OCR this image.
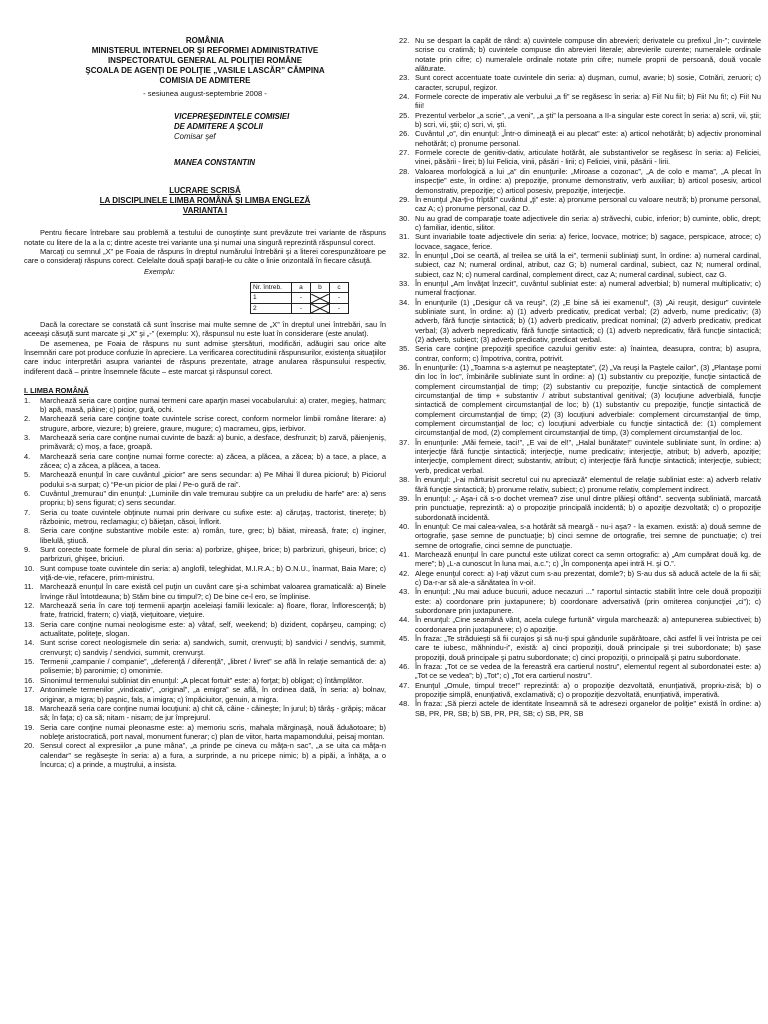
ROMÂNIA
MINISTERUL INTERNELOR ŞI REFORMEI ADMINISTRATIVE
INSPECTORATUL GENERAL AL POLIŢIEI ROMÂNE
ŞCOALA DE AGENŢI DE POLIŢIE „VASILE LASCĂR” CÂMPINA
COMISIA DE ADMITERE
- sesiunea august-septembrie 2008 -
VICEPREŞEDINTELE COMISIEI
DE ADMITERE A ŞCOLII
Comisar şef
MANEA CONSTANTIN
LUCRARE SCRISĂ
LA DISCIPLINELE LIMBA ROMÂNĂ ŞI LIMBA ENGLEZĂ
VARIANTA I

Pentru fiecare întrebare sau problemă a testului de cunoştinţe sunt prevăzute trei variante de răspuns notate cu litere de la a la c; dintre aceste trei variante una şi numai una singură reprezintă răspunsul corect.

Marcaţi cu semnul „X” pe Foaia de răspuns în dreptul numărului întrebării şi a literei corespunzătoare pe care o consideraţi răspuns corect. Celelalte două spaţii barați-le cu câte o linie orizontală în fiecare căsuţă.

Exemplu:
Nr. întreb.	a	b	c
1	-		-
2	-		-

Dacă la corectare se constată că sunt înscrise mai multe semne de „X” în dreptul unei întrebări, sau în aceeaşi căsuţă sunt marcate şi „X” şi „-” (exemplu: X), răspunsul nu este luat în considerare (este anulat).

De asemenea, pe Foaia de răspuns nu sunt admise ştersături, modificări, adăugiri sau orice alte însemnări care pot produce confuzie în apreciere. La verificarea corectitudinii răspunsurilor, existenţa situaţiilor care induc interpretări asupra variantei de răspuns prezentate, atrage anularea răspunsului respectiv, indiferent dacă – printre însemnele făcute – este marcat şi răspunsul corect.

I. LIMBA ROMÂNĂ
1.	Marchează seria care conţine numai termeni care aparţin masei vocabularului: a) crater, megieş, hatman; b) apă, masă, pâine; c) picior, gură, ochi.
2.	Marchează seria care conţine toate cuvintele scrise corect, conform normelor limbii române literare: a) strugure, arbore, viezure; b) greiere, graure, mugure; c) macramеu, gips, ierbivor.
3.	Marchează seria care conţine numai cuvinte de bază: a) bunic, a desface, desfrunzit; b) zarvă, păienjeniş, primăvară; c) moş, a face, groapă.
4.	Marchează seria care conţine numai forme corecte: a) zăcea, a plăcea, a zăcea; b) a tace, a place, a zăcea; c) a zăcea, a plăcea, a tacea.
5.	Marchează enunţul în care cuvântul „picior” are sens secundar: a) Pe Mihai îl durea piciorul; b) Piciorul podului s-a surpat; c) “Pe-un picior de plai / Pe-o gură de rai”.
6.	Cuvântul „tremurau” din enunţul: „Luminile din vale tremurau subţire ca un preludiu de harfe” are: a) sens propriu; b) sens figurat; c) sens secundar.
7.	Seria cu toate cuvintele obţinute numai prin derivare cu sufixe este: a) căruţaş, tractorist, tinereţe; b) războinic, metrou, reclamagiu; c) băieţan, căsoi, înflorit.
8.	Seria care conţine substantive mobile este: a) român, ture, grec; b) băiat, mireasă, frate; c) inginer, libelulă, ştiucă.
9.	Sunt corecte toate formele de plural din seria: a) porbrize, ghişee, brice; b) parbrizuri, ghişeuri, brice; c) parbrizuri, ghişee, briciuri.
10. Sunt compuse toate cuvintele din seria: a) anglofil, teleghidat, M.I.R.A.; b) O.N.U., înarmat, Baia Mare; c) viţă-de-vie, refacere, prim-ministru.
11. Marchează enunţul în care există cel puţin un cuvânt care şi-a schimbat valoarea gramaticală: a) Binele învinge răul întotdeauna; b) Stăm bine cu timpul?; c) De bine ce-l ero, se împlinise.
12. Marchează seria în care toţi termenii aparţin aceleiaşi familii lexicale: a) floare, florar, înflorescenţă; b) frate, fratricid, fratern; c) viaţă, vieţuitoare, vieţuire.
13. Seria care conţine numai neologisme este: a) vâtaf, self, weekend; b) dizident, copârşeu, camping; c) actualitate, politeţe, slogan.
14. Sunt scrise corect neologismele din seria: a) sandwich, sumit, crenvuşti; b) sandvici / sendviş, summit, crenvurşt; c) sandviş / sendvici, summit, crenvurşt.
15. Termenii „campanie / companie”, „deferenţă / diferenţă”, „libret / livret” se află în relaţie semantică de: a) polisemie; b) paronimie; c) omonimie.
16. Sinonimul termenului subliniat din enunţul: „A plecat fortuit” este: a) forţat; b) obligat; c) întâmplător.
17. Antonimele termenilor „vindicativ”, „original”, „a emigra” se află, în ordinea dată, în seria: a) bolnav, originar, a migra; b) paşnic, fals, a imigra; c) împăciuitor, genuin, a migra.
18. Marchează seria care conţine numai locuţiuni: a) chit că, câine - câineşte; în jurul; b) târâş - grăpiş; măcar să; în faţa; c) ca să; nitam - nisam; de jur împrejurul.
19. Seria care conţine numai pleonasme este: a) memoriu scris, mahala mărginaşă, nouă ăduăotoare; b) nobleţe aristocratică, port naval, monument funerar; c) plan de viitor, harta mapamondului, peisaj montan.
20. Sensul corect al expresiilor „a pune mâna”, „a prinde pe cineva cu mâţa-n sac”, „a se uita ca mâţa-n calendar” se regăseşte în seria: a) a fura, a surprinde, a nu pricepe nimic; b) a pipăi, a înhăţa, a o încurca; c) a prinde, a muştrului, a insista.
22. Nu se despart la capăt de rând: a) cuvintele compuse din abrevieri; derivatele cu prefixul „în-”; cuvintele scrise cu cratimă; b) cuvintele compuse din abrevieri literale; abrevierile curente; numeralele ordinale notate prin cifre; c) numeralele ordinale notate prin cifre; numele proprii de persoană, două vocale alăturate.
23. Sunt corect accentuate toate cuvintele din seria: a) duşman, cumul, avarie; b) sosie, Cotnări, zeruori; c) caracter, scrupul, regizor.
24. Formele corecte de imperativ ale verbului „a fi” se regăsesc în seria: a) Fii! Nu fii!; b) Fii! Nu fi!; c) Fii! Nu fiii!
25. Prezentul verbelor „a scrie”, „a veni”, „a şti” la persoana a II-a singular este corect în seria: a) scrii, vii, ştii; b) scri, vii, ştii; c) scri, vi, şti.
26. Cuvântul „o”, din enunţul: „Într-o dimineaţă ei au plecat” este: a) articol nehotărât; b) adjectiv pronominal nehotărât; c) pronume personal.
27. Formele corecte de genitiv-dativ, articulate hotărât, ale substantivelor se regăsesc în seria: a) Feliciei, vinei, păsării - lirei; b) lui Felicia, vinii, păsări - lirii; c) Feliciei, vinii, păsării - lirii.
28. Valoarea morfologică a lui „a” din enunţurile: „Miroase a cozonac”, „A de colo e mama”, „A plecat în inspecţie” este, în ordine: a) prepoziţie, pronume demonstrativ, verb auxiliar; b) articol posesiv, articol demonstrativ, prepoziţie; c) articol posesiv, prepoziţie, interjecţie.
29. În enunţul „Na-ţi-o frîptă!” cuvântul „ţi” este: a) pronume personal cu valoare neutră; b) pronume personal, caz A; c) pronume personal, caz D.
30. Nu au grad de comparaţie toate adjectivele din seria: a) străvechi, cubic, inferior; b) cuminte, oblic, drept; c) familiar, identic, silitor.
31. Sunt invariabile toate adjectivele din seria: a) ferice, locvace, motrice; b) sagace, perspicace, atroce; c) locvace, sagace, ferice.
32. În enunţul „Doi se ceartă, al treilea se uită la ei”, termenii subliniaţi sunt, în ordine: a) numeral cardinal, subiect, caz N; numeral ordinal, atribut, caz G; b) numeral cardinal, subiect, caz N; numeral ordinal, subiect, caz N; c) numeral cardinal, complement direct, caz A; numeral cardinal, subiect, caz G.
33. În enunţul „Am învăţat înzecit”, cuvântul subliniat este: a) numeral adverbial; b) numeral multiplicativ; c) numeral fracţionar.
34. În enunţurile (1) „Desigur că va reuşi”, (2) „E bine să iei examenul”, (3) „Ai reuşit, desigur” cuvintele subliniate sunt, în ordine: a) (1) adverb predicativ, predicat verbal; (2) adverb, nume predicativ; (3) adverb, fără funcţie sintactică; b) (1) adverb predicativ, predicat nominal; (2) adverb predicativ, predicat verbal; (3) adverb nepredicativ, fără funcţie sintactică; c) (1) adverb nepredicativ, fără funcţie sintactică; (2) adverb, subiect; (3) adverb predicativ, predicat verbal.
35. Seria care conţine prepoziţii specifice cazului genitiv este: a) înaintea, deasupra, contra; b) asupra, contrar, conform; c) împotriva, contra, potrivit.
36. În enunţurile: (1) „Toamna s-a aşternut pe neaşteptate”, (2) „Va reuşi la Paştele cailor”, (3) „Plantaşe pomi din loc în loc”, îmbinările subliniate sunt în ordine: a) (1) substantiv cu prepoziţie, funcţie sintactică de complement circumstanţial de timp; (2) substantiv cu prepoziţie, funcţie sintactică de complement circumstanţial de timp + substantiv / atribut substantival genitival; (3) locuţiune adverbială, funcţie sintactică de complement circumstanţial de loc; b) (1) substantiv cu prepoziţie, funcţie sintactică de complement circumstanţial de timp; (2) (3) locuţiuni adverbiale: complement circumstanţial de timp, complement circumstanţial de loc; c) locuţiuni adverbiale cu funcţie sintactică de: (1) complement circumstanţial de mod, (2) complement circumstanţial de timp, (3) complement circumstanţial de loc.
37. În enunţurile: „Măi femeie, taci!”, „E vai de el!”, „Halal bunătate!” cuvintele subliniate sunt, în ordine: a) interjecţie fără funcţie sintactică; interjecţie, nume predicativ; interjecţie, atribut; b) adverb, apoziţie; interjecţie, complement direct; substantiv, atribut; c) interjecţie fără funcţie sintactică; interjecţie, subiect; verb, predicat verbal.
38. În enunţul: „I-ai mărturisit secretul cui nu apreciază” elementul de relaţie subliniat este: a) adverb relativ fără funcţie sintactică; b) pronume relativ, subiect; c) pronume relativ, complement indirect.
39. În enunţul: „- Aşa-i că s-o dochet vremea? zise unul dintre plăieşi oftând”. secvenţa subliniată, marcată prin punctuaţie, reprezintă: a) o propoziţie principală incidentă; b) o apoziţie dezvoltată; c) o propoziţie subordonată incidentă.
40. În enunţul: Ce mai calea-valea, s-a hotărât să meargă - nu-i aşa? - la examen. există: a) două semne de ortografie, şase semne de punctuaţie; b) cinci semne de ortografie, trei semne de punctuaţie; c) trei semne de ortografie, cinci semne de punctuaţie.
41. Marchează enunţul în care punctul este utilizat corect ca semn ortografic: a) „Am cumpărat două kg. de mere”; b) „L-a cunoscut în luna mai, a.c.”; c) „În componenţa apei intră H. şi O.”.
42. Alege enunţul corect: a) I-aţi văzut cum s-au prezentat, domle?; b) S-au dus să aducă actele de la fii săi; c) Da-r-ar să ale-a sănătatea în v-oi!.
43. În enunţul: „Nu mai aduce bucurii, aduce necazuri ...” raportul sintactic stabilit între cele două propoziţii este: a) coordonare prin juxtapunere; b) coordonare adversativă (prin omiterea conjuncţiei „ci”); c) subordonare prin juxtapunere.
44. În enunţul: „Cine seamănă vânt, acela culege furtună” virgula marchează: a) antepunerea subiectivei; b) coordonarea prin juxtapunere; c) o apoziţie.
45. În fraza: „Te străduieşti să fii curajos şi să nu-ţi spui gândurile supărătoare, căci astfel îi vei întrista pe cei care te iubesc, măhnindu-i”, există: a) cinci propoziţii, două principale şi trei subordonate; b) şase propoziţii, două principale şi patru subordonate; c) cinci propoziţii, o principală şi patru subordonate.
46. În fraza: „Tot ce se vedea de la fereastră era cartierul nostru”, elementul regent al subordonatei este: a) „Tot ce se vedea”; b) „Tot”; c) „Tot era cartierul nostru”.
47. Enunţul „Omule, timpul trece!” reprezintă: a) o propoziţie dezvoltată, enunţiativă, propriu-zisă; b) o propoziţie simplă, enunţiativă, exclamativă; c) o propoziţie dezvoltată, enunţiativă, imperativă.
48. În fraza: „Să pierzi actele de identitate înseamnă să te adresezi organelor de poliţie” există în ordine: a) SB, PR, PR, SB; b) SB, PR, PR, SB; c) SB, PR, SB
